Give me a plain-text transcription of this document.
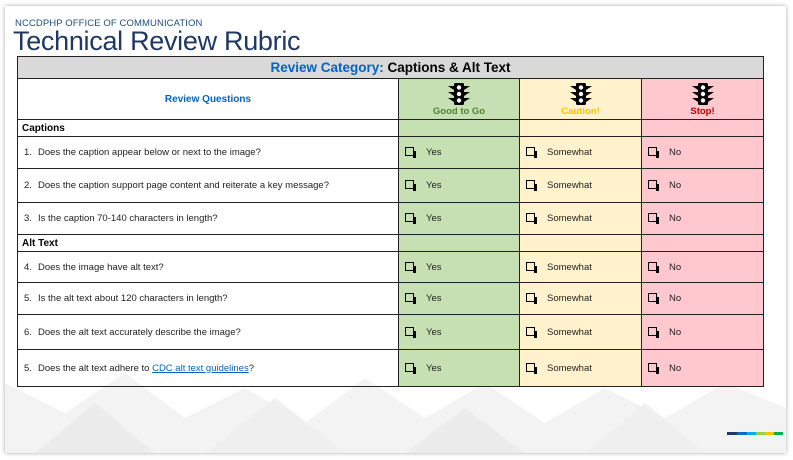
NCCDPHP OFFICE OF COMMUNICATION
Technical Review Rubric
Review Category: Captions & Alt Text			
Review Questions	Good to Go	Caution!	Stop!

Captions			
1. Does the caption appear below or next to the image?	Yes	Somewhat	No
2. Does the caption support page content and reiterate a key message?	Yes	Somewhat	No
3. Is the caption 70-140 characters in length?	Yes	Somewhat	No
Alt Text			
4. Does the image have alt text?	Yes	Somewhat	No
5. Is the alt text about 120 characters in length?	Yes	Somewhat	No
6. Does the alt text accurately describe the image?	Yes	Somewhat	No
5. Does the alt text adhere to CDC alt text guidelines?	Yes	Somewhat	No
